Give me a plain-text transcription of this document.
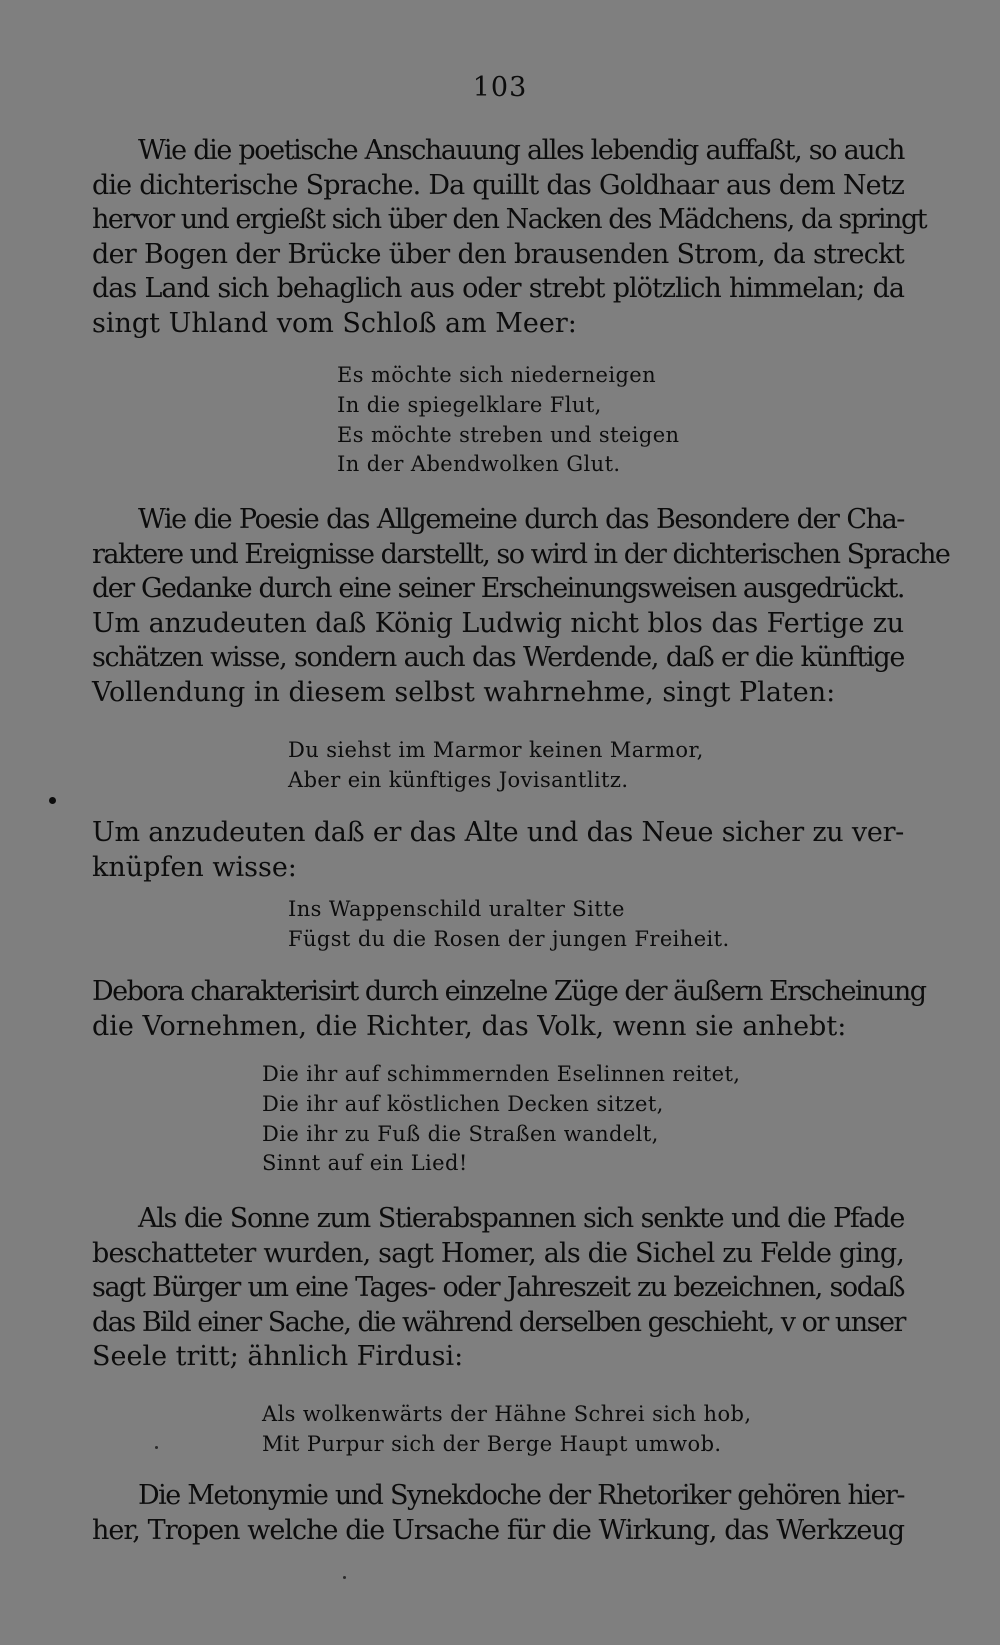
103
Wie die poetische Anschauung alles lebendig auffaßt, so auch
die dichterische Sprache. Da quillt das Goldhaar aus dem Netz
hervor und ergießt sich über den Nacken des Mädchens, da springt
der Bogen der Brücke über den brausenden Strom, da streckt
das Land sich behaglich aus oder strebt plötzlich himmelan; da
singt Uhland vom Schloß am Meer:
Es möchte sich niederneigen
In die spiegelklare Flut,
Es möchte streben und steigen
In der Abendwolken Glut.
Wie die Poesie das Allgemeine durch das Besondere der Cha-
raktere und Ereignisse darstellt, so wird in der dichterischen Sprache
der Gedanke durch eine seiner Erscheinungsweisen ausgedrückt.
Um anzudeuten daß König Ludwig nicht blos das Fertige zu
schätzen wisse, sondern auch das Werdende, daß er die künftige
Vollendung in diesem selbst wahrnehme, singt Platen:
Du siehst im Marmor keinen Marmor,
Aber ein künftiges Jovisantlitz.
Um anzudeuten daß er das Alte und das Neue sicher zu ver-
knüpfen wisse:
Ins Wappenschild uralter Sitte
Fügst du die Rosen der jungen Freiheit.
Debora charakterisirt durch einzelne Züge der äußern Erscheinung
die Vornehmen, die Richter, das Volk, wenn sie anhebt:
Die ihr auf schimmernden Eselinnen reitet,
Die ihr auf köstlichen Decken sitzet,
Die ihr zu Fuß die Straßen wandelt,
Sinnt auf ein Lied!
Als die Sonne zum Stierabspannen sich senkte und die Pfade
beschatteter wurden, sagt Homer, als die Sichel zu Felde ging,
sagt Bürger um eine Tages- oder Jahreszeit zu bezeichnen, sodaß
das Bild einer Sache, die während derselben geschieht, v or unser
Seele tritt; ähnlich Firdusi:
Als wolkenwärts der Hähne Schrei sich hob,
Mit Purpur sich der Berge Haupt umwob.
Die Metonymie und Synekdoche der Rhetoriker gehören hier-
her, Tropen welche die Ursache für die Wirkung, das Werkzeug
